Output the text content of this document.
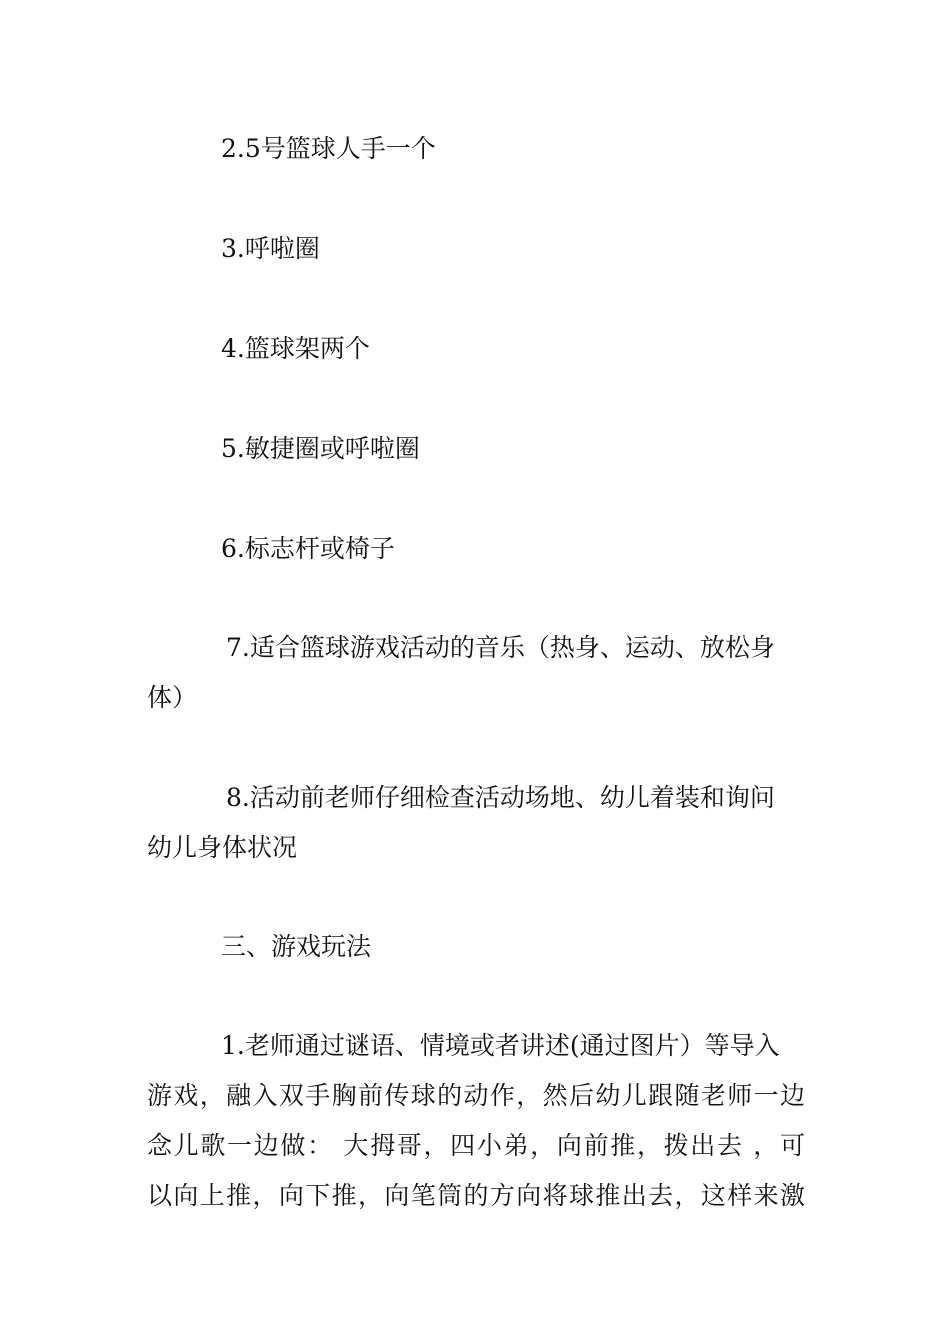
2.5号篮球人手一个
3.呼啦圈
4.篮球架两个
5.敏捷圈或呼啦圈
6.标志杆或椅子
7.适合篮球游戏活动的音乐（热身、运动、放松身
体）
8.活动前老师仔细检查活动场地、幼儿着装和询问
幼儿身体状况
三、游戏玩法
1.老师通过谜语、情境或者讲述(通过图片）等导入
游戏，融入双手胸前传球的动作，然后幼儿跟随老师一边
念儿歌一边做： 大拇哥，四小弟，向前推，拨出去 ，可
以向上推，向下推，向笔筒的方向将球推出去，这样来激
